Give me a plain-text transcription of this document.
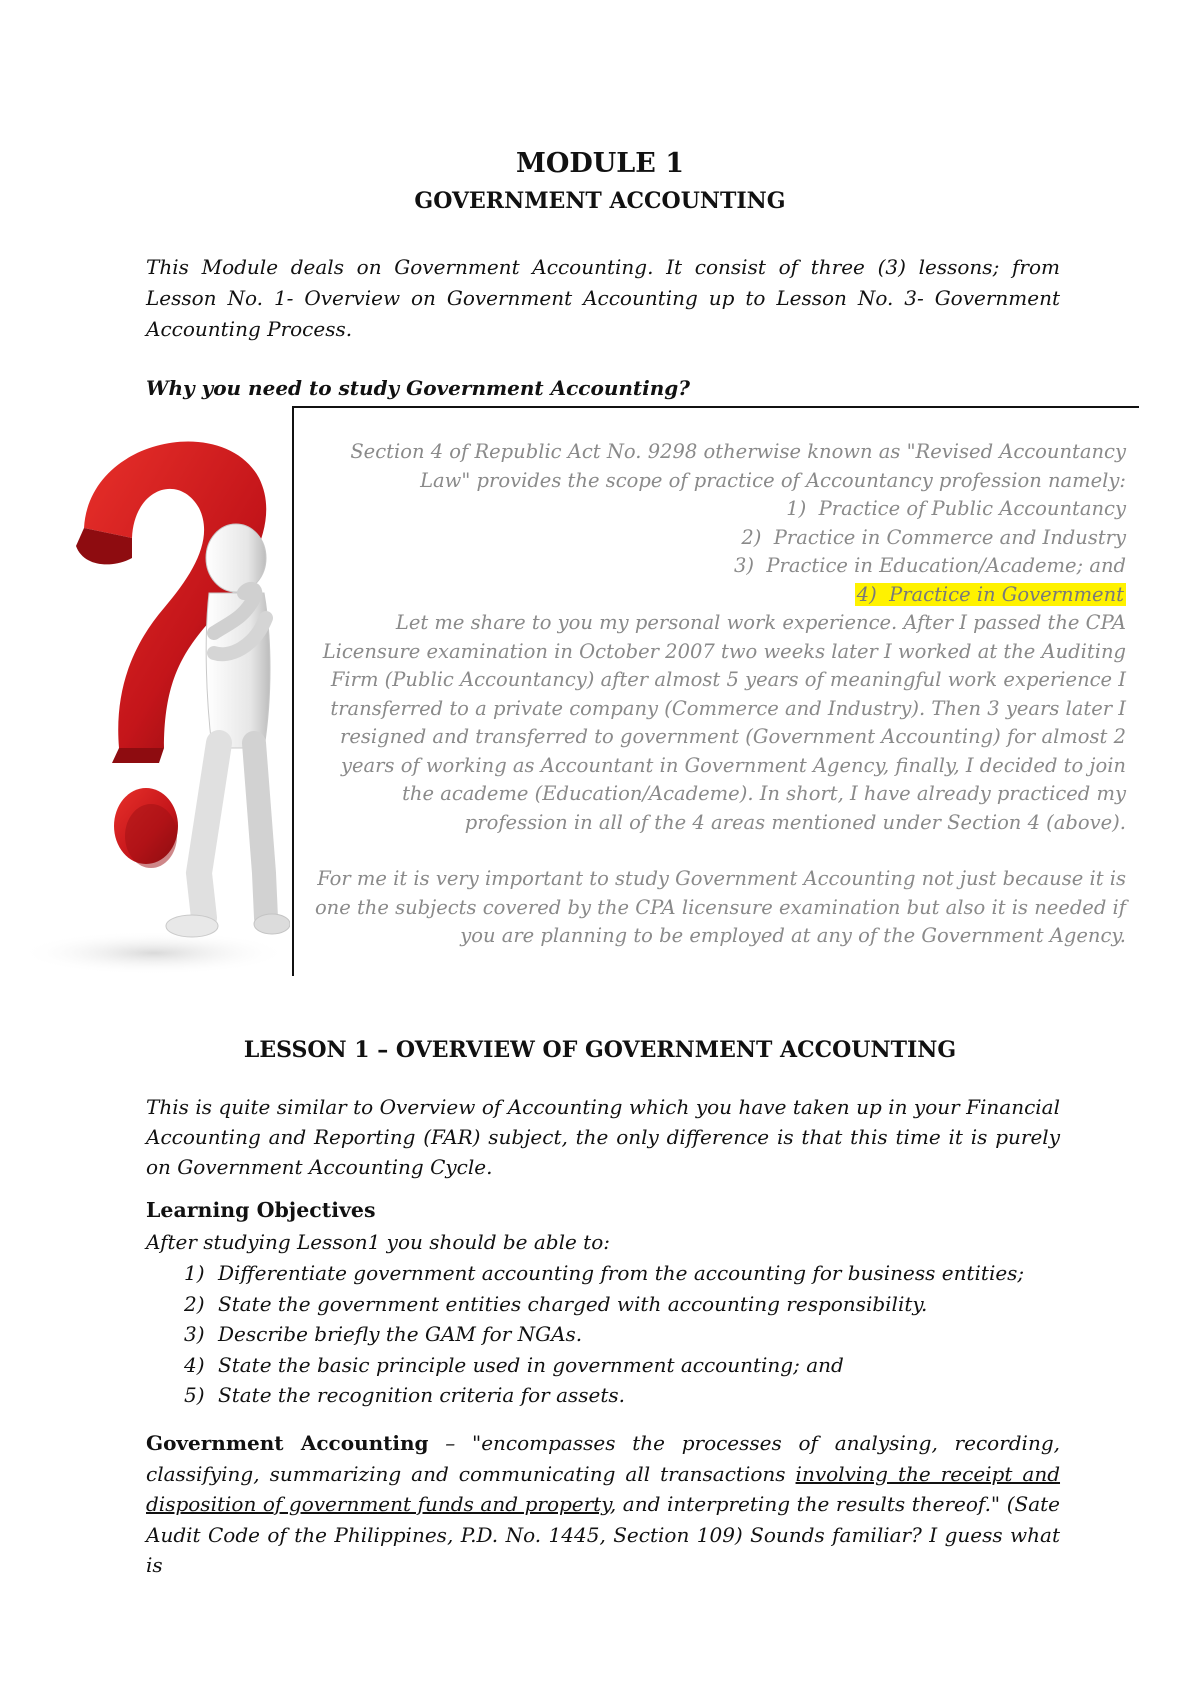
MODULE 1
GOVERNMENT ACCOUNTING

This Module deals on Government Accounting. It consist of three (3) lessons; from Lesson No. 1- Overview on Government Accounting up to Lesson No. 3- Government Accounting Process.

Why you need to study Government Accounting?

Section 4 of Republic Act No. 9298 otherwise known as "Revised Accountancy

Law" provides the scope of practice of Accountancy profession namely:

1) Practice of Public Accountancy

2) Practice in Commerce and Industry

3) Practice in Education/Academe; and

4) Practice in Government

Let me share to you my personal work experience. After I passed the CPA

Licensure examination in October 2007 two weeks later I worked at the Auditing

Firm (Public Accountancy) after almost 5 years of meaningful work experience I

transferred to a private company (Commerce and Industry). Then 3 years later I

resigned and transferred to government (Government Accounting) for almost 2

years of working as Accountant in Government Agency, finally, I decided to join

the academe (Education/Academe). In short, I have already practiced my

profession in all of the 4 areas mentioned under Section 4 (above).

For me it is very important to study Government Accounting not just because it is

one the subjects covered by the CPA licensure examination but also it is needed if

you are planning to be employed at any of the Government Agency.

LESSON 1 – OVERVIEW OF GOVERNMENT ACCOUNTING

This is quite similar to Overview of Accounting which you have taken up in your Financial Accounting and Reporting (FAR) subject, the only difference is that this time it is purely on Government Accounting Cycle.

Learning Objectives

After studying Lesson1 you should be able to:

1) Differentiate government accounting from the accounting for business entities;
2) State the government entities charged with accounting responsibility.
3) Describe briefly the GAM for NGAs.
4) State the basic principle used in government accounting; and
5) State the recognition criteria for assets.

Government Accounting – "encompasses the processes of analysing, recording, classifying, summarizing and communicating all transactions involving the receipt and disposition of government funds and property, and interpreting the results thereof." (Sate Audit Code of the Philippines, P.D. No. 1445, Section 109) Sounds familiar? I guess what is
